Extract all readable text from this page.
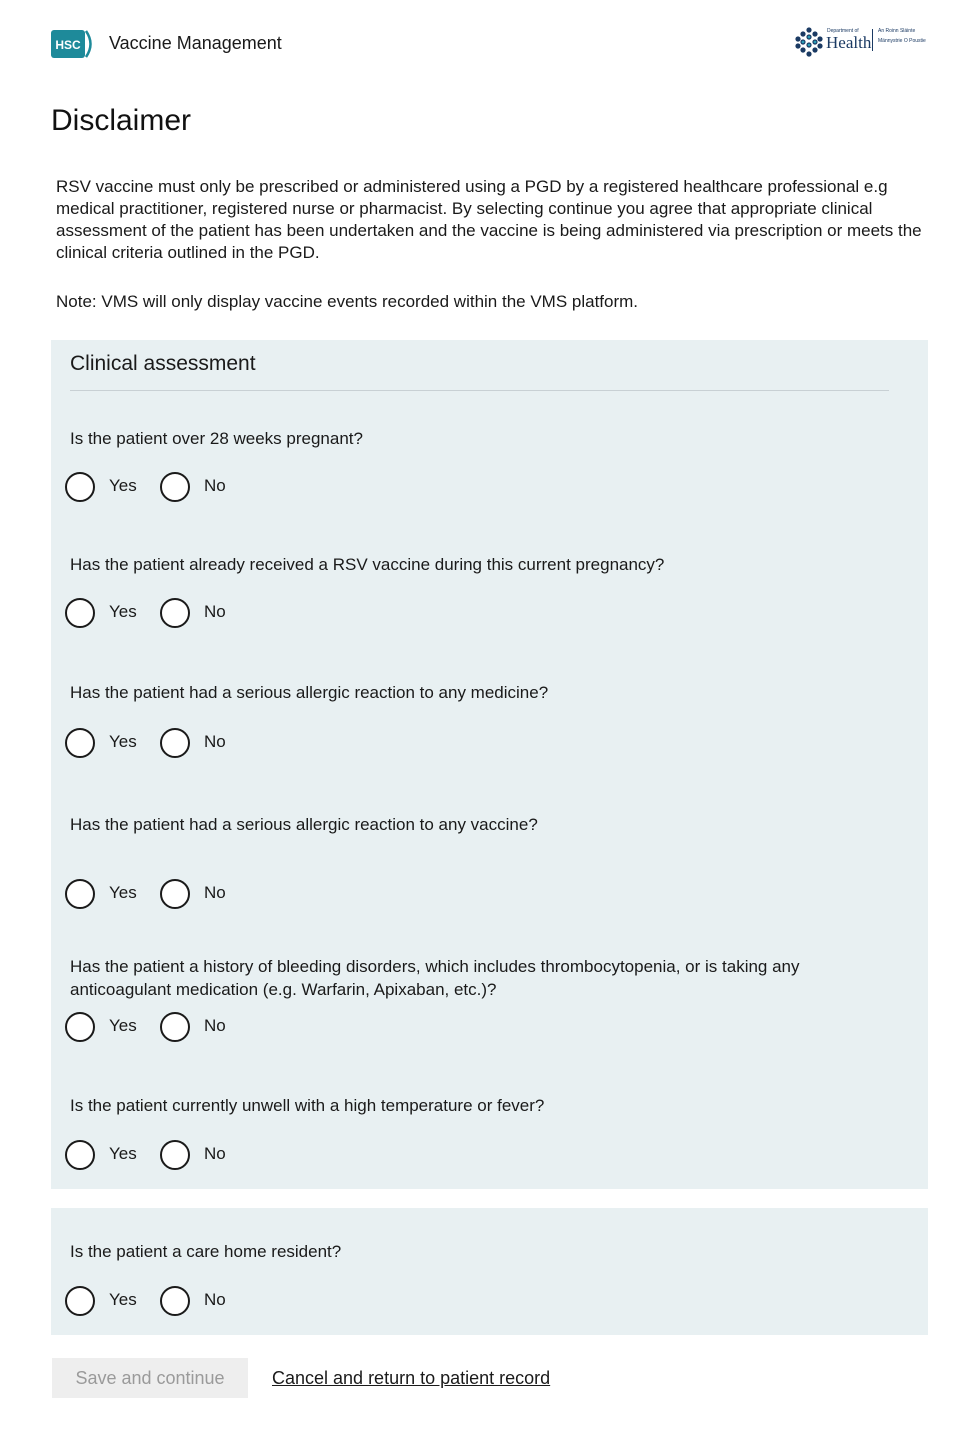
HSC Vaccine Management
Department of
Health
An Roinn Sláinte
Männystrie O Poustie
Disclaimer

RSV vaccine must only be prescribed or administered using a PGD by a registered healthcare professional e.g medical practitioner, registered nurse or pharmacist. By selecting continue you agree that appropriate clinical assessment of the patient has been undertaken and the vaccine is being administered via prescription or meets the clinical criteria outlined in the PGD.

Note: VMS will only display vaccine events recorded within the VMS platform.

Clinical assessment
Is the patient over 28 weeks pregnant?
Yes	No
Has the patient already received a RSV vaccine during this current pregnancy?
Yes	No
Has the patient had a serious allergic reaction to any medicine?
Yes	No
Has the patient had a serious allergic reaction to any vaccine?
Yes	No
Has the patient a history of bleeding disorders, which includes thrombocytopenia, or is taking any anticoagulant medication (e.g. Warfarin, Apixaban, etc.)?
Yes	No
Is the patient currently unwell with a high temperature or fever?
Yes	No
Is the patient a care home resident?
Yes	No
Save and continue	Cancel and return to patient record
